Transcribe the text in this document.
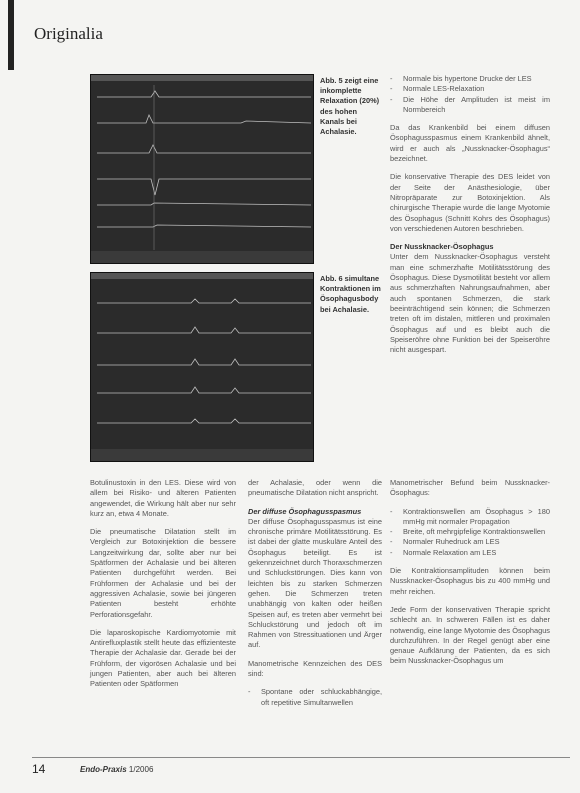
Originalia
Abb. 5 zeigt eine inkomplette Relaxation (20%) des hohen Kanals bei Achalasie.
Abb. 6 simultane Kontraktionen im Ösophagusbody bei Achalasie.
- Normale bis hypertone Drucke der LES
- Normale LES-Relaxation
- Die Höhe der Amplituden ist meist im Normbereich

Da das Krankenbild bei einem diffusen Ösophagusspasmus einem Krankenbild ähnelt, wird er auch als „Nussknacker-Ösophagus“ bezeichnet.

Die konservative Therapie des DES leidet von der Seite der Anästhesiologie, über Nitropräparate zur Botoxinjektion. Als chirurgische Therapie wurde die lange Myotomie des Ösophagus (Schnitt Kohrs des Ösophagus) von verschiedenen Autoren beschrieben.

Der Nussknacker-Ösophagus

Unter dem Nussknacker-Ösophagus versteht man eine schmerzhafte Motilitätsstörung des Ösophagus. Diese Dysmotilität besteht vor allem aus schmerzhaften Nahrungsaufnahmen, aber auch spontanen Schmerzen, die stark beeinträchtigend sein können; die Schmerzen treten oft im distalen, mittleren und proximalen Ösophagus auf und es bleibt auch die Speiseröhre ohne Funktion bei der Speiseröhre nicht ausgespart.

Botulinustoxin in den LES. Diese wird von allem bei Risiko- und älteren Patienten angewendet, die Wirkung hält aber nur sehr kurz an, etwa 4 Monate.

Die pneumatische Dilatation stellt im Vergleich zur Botoxinjektion die bessere Langzeitwirkung dar, sollte aber nur bei Spätformen der Achalasie und bei älteren Patienten durchgeführt werden. Bei Frühformen der Achalasie und bei der aggressiven Achalasie, sowie bei jüngeren Patienten besteht erhöhte Perforationsgefahr.

Die laparoskopische Kardiomyotomie mit Antirefluxplastik stellt heute das effizienteste Therapie der Achalasie dar. Gerade bei der Frühform, der vigorösen Achalasie und bei jungen Patienten, aber auch bei älteren Patienten oder Spätformen

der Achalasie, oder wenn die pneumatische Dilatation nicht anspricht.

Der diffuse Ösophagusspasmus

Der diffuse Ösophagusspasmus ist eine chronische primäre Motilitätsstörung. Es ist dabei der glatte muskuläre Anteil des Ösophagus beteiligt. Es ist gekennzeichnet durch Thoraxschmerzen und Schluckstörungen. Dies kann von leichten bis zu starken Schmerzen gehen. Die Schmerzen treten unabhängig von kalten oder heißen Speisen auf, es treten aber vermehrt bei Schluckstörung und jedoch oft im Rahmen von Stressituationen und Ärger auf.

Manometrische Kennzeichen des DES sind:

- Spontane oder schluckabhängige, oft repetitive Simultanwellen

Manometrischer Befund beim Nussknacker-Ösophagus:

- Kontraktionswellen am Ösophagus > 180 mmHg mit normaler Propagation
- Breite, oft mehrgipfelige Kontraktionswellen
- Normaler Ruhedruck am LES
- Normale Relaxation am LES

Die Kontraktionsamplituden können beim Nussknacker-Ösophagus bis zu 400 mmHg und mehr reichen.

Jede Form der konservativen Therapie spricht schlecht an. In schweren Fällen ist es daher notwendig, eine lange Myotomie des Ösophagus durchzuführen. In der Regel genügt aber eine genaue Aufklärung der Patienten, da es sich beim Nussknacker-Ösophagus um

14	Endo-Praxis 1/2006
